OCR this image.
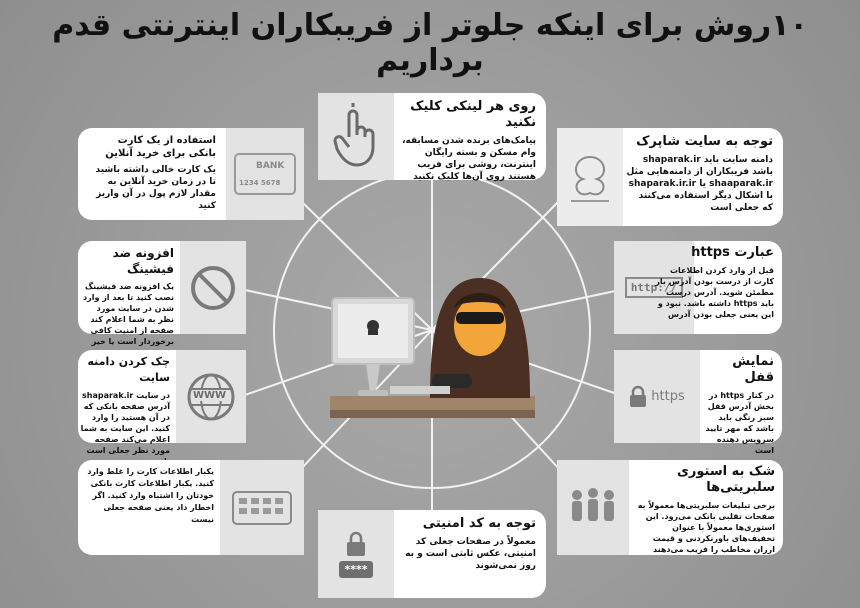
۱۰روش برای اینکه جلوتر از فریبکاران اینترنتی قدم برداریم
روی هر لینکی کلیک نکنید
پیامک‌های برنده شدن مسابقه، وام مسکن و بسته رایگان اینترنت، روشی برای فریب هستند روی آن‌ها کلیک نکنید
توجه به سایت شاپرک
دامنه سایت باید shaparak.ir باشد فریبکاران از دامنه‌هایی مثل shaaparak.ir یا shaparak.ir.ir با اشکال دیگر استفاده می‌کنند که جعلی است
BANK
1234 5678
استفاده از یک کارت بانکی برای خرید آنلاین
یک کارت خالی داشته باشید تا در زمان خرید آنلاین به مقدار لازم پول در آن واریز کنید
http://
عبارت https
قبل از وارد کردن اطلاعات کارت از درست بودن آدرس بار مطمئن شوید. آدرس درست باید https داشته باشد. نبود و این یعنی جعلی بودن آدرس
افزونه ضد فیشینگ
یک افزونه ضد فیشینگ نصب کنید تا بعد از وارد شدن در سایت مورد نظر به شما اعلام کند صفحه از امنیت کافی برخوردار است یا خیر
https
نمایش قفل
در کنار https در بخش آدرس قفل سبز رنگی باید باشد که مهر تایید سرویس دهنده است
WWW
چک کردن دامنه سایت
در سایت shaparak.ir آدرس صفحه بانکی که در آن هستید را وارد کنید. این سایت به شما اعلام می‌کند صفحه مورد نظر جعلی است
شک به استوری سلبریتی‌ها
برخی تبلیغات سلبریتی‌ها معمولاً به صفحات تقلبی بانکی می‌رود. این استوری‌ها معمولاً با عنوان تخفیف‌های باورنکردنی و قیمت ارزان مخاطب را فریب می‌دهند
یکبار اطلاعات کارت را غلط وارد کنید. یکبار اطلاعات کارت بانکی خودتان را اشتباه وارد کنید. اگر اخطار داد یعنی صفحه جعلی نیست
****
توجه به کد امنیتی
معمولاً در صفحات جعلی کد امنیتی، عکس ثابتی است و به روز نمی‌شوند
